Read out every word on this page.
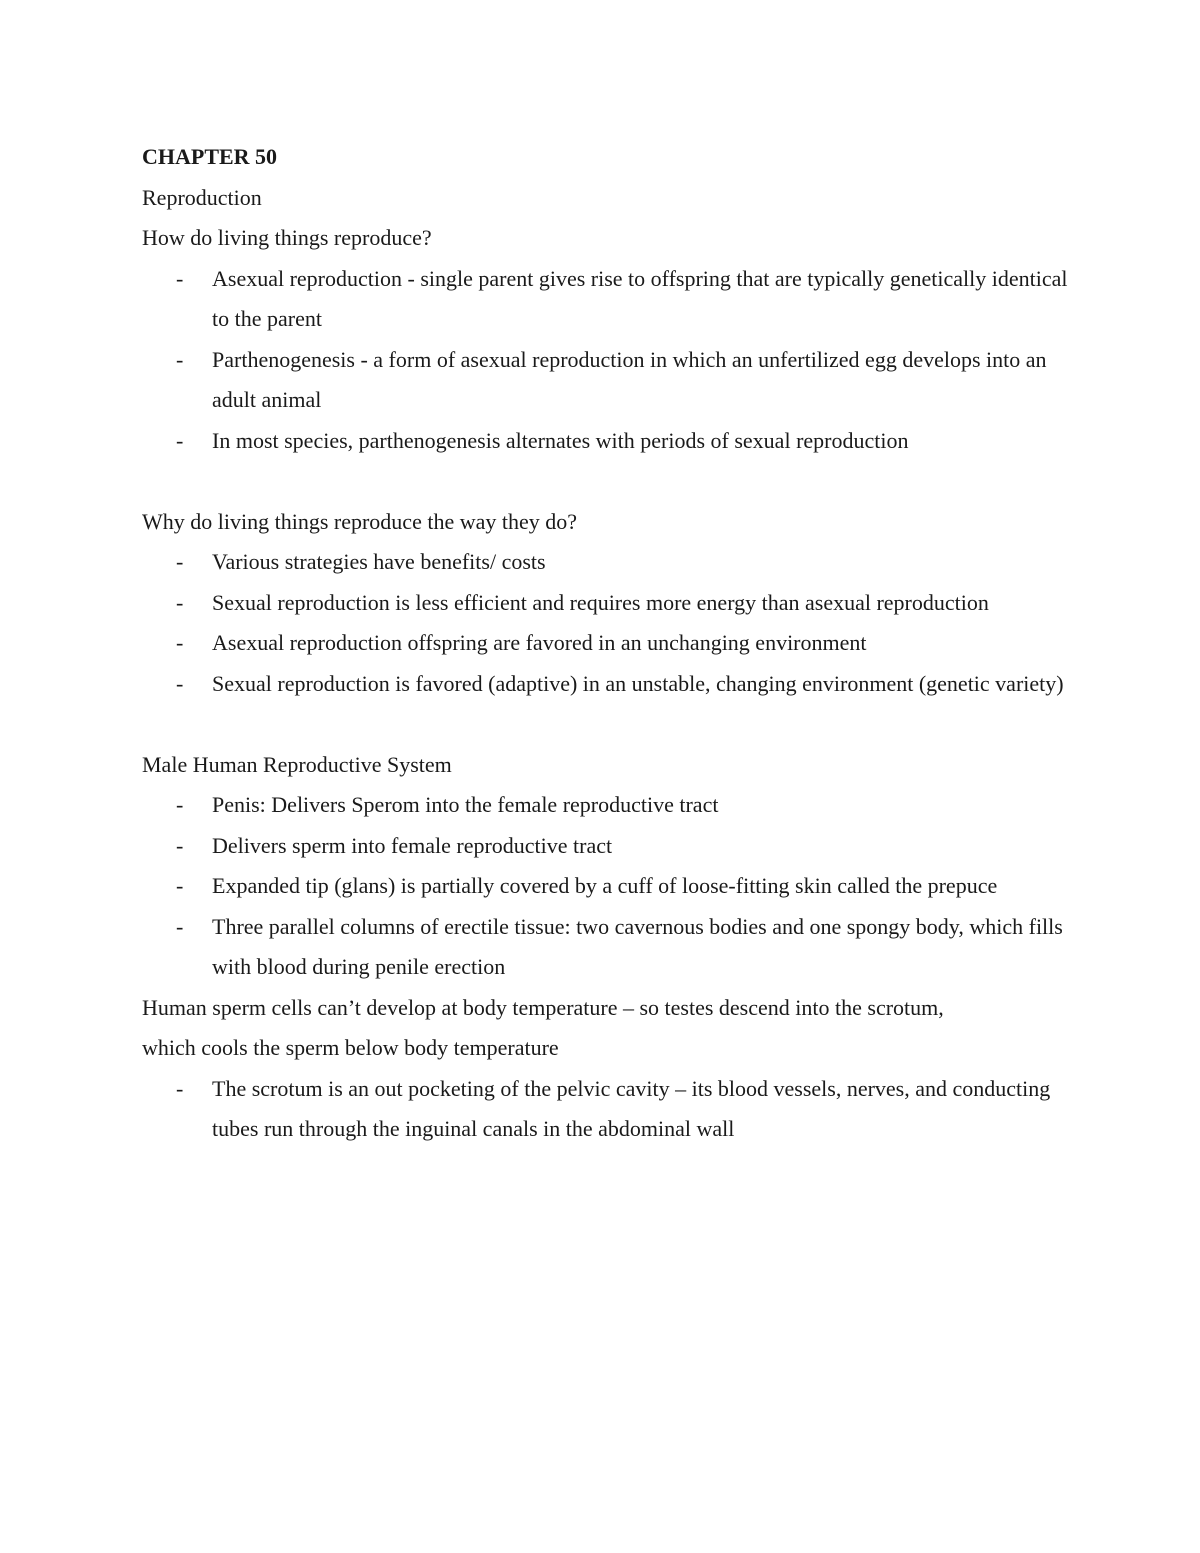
CHAPTER 50
Reproduction
How do living things reproduce?
- Asexual reproduction - single parent gives rise to offspring that are typically genetically identical to the parent
- Parthenogenesis - a form of asexual reproduction in which an unfertilized egg develops into an adult animal
- In most species, parthenogenesis alternates with periods of sexual reproduction
Why do living things reproduce the way they do?
- Various strategies have benefits/ costs
- Sexual reproduction is less efficient and requires more energy than asexual reproduction
- Asexual reproduction offspring are favored in an unchanging environment
- Sexual reproduction is favored (adaptive) in an unstable, changing environment (genetic variety)
Male Human Reproductive System
- Penis: Delivers Sperom into the female reproductive tract
- Delivers sperm into female reproductive tract
- Expanded tip (glans) is partially covered by a cuff of loose-fitting skin called the prepuce
- Three parallel columns of erectile tissue: two cavernous bodies and one spongy body, which fills with blood during penile erection
Human sperm cells can’t develop at body temperature – so testes descend into the scrotum,
which cools the sperm below body temperature
- The scrotum is an out pocketing of the pelvic cavity – its blood vessels, nerves, and conducting tubes run through the inguinal canals in the abdominal wall
